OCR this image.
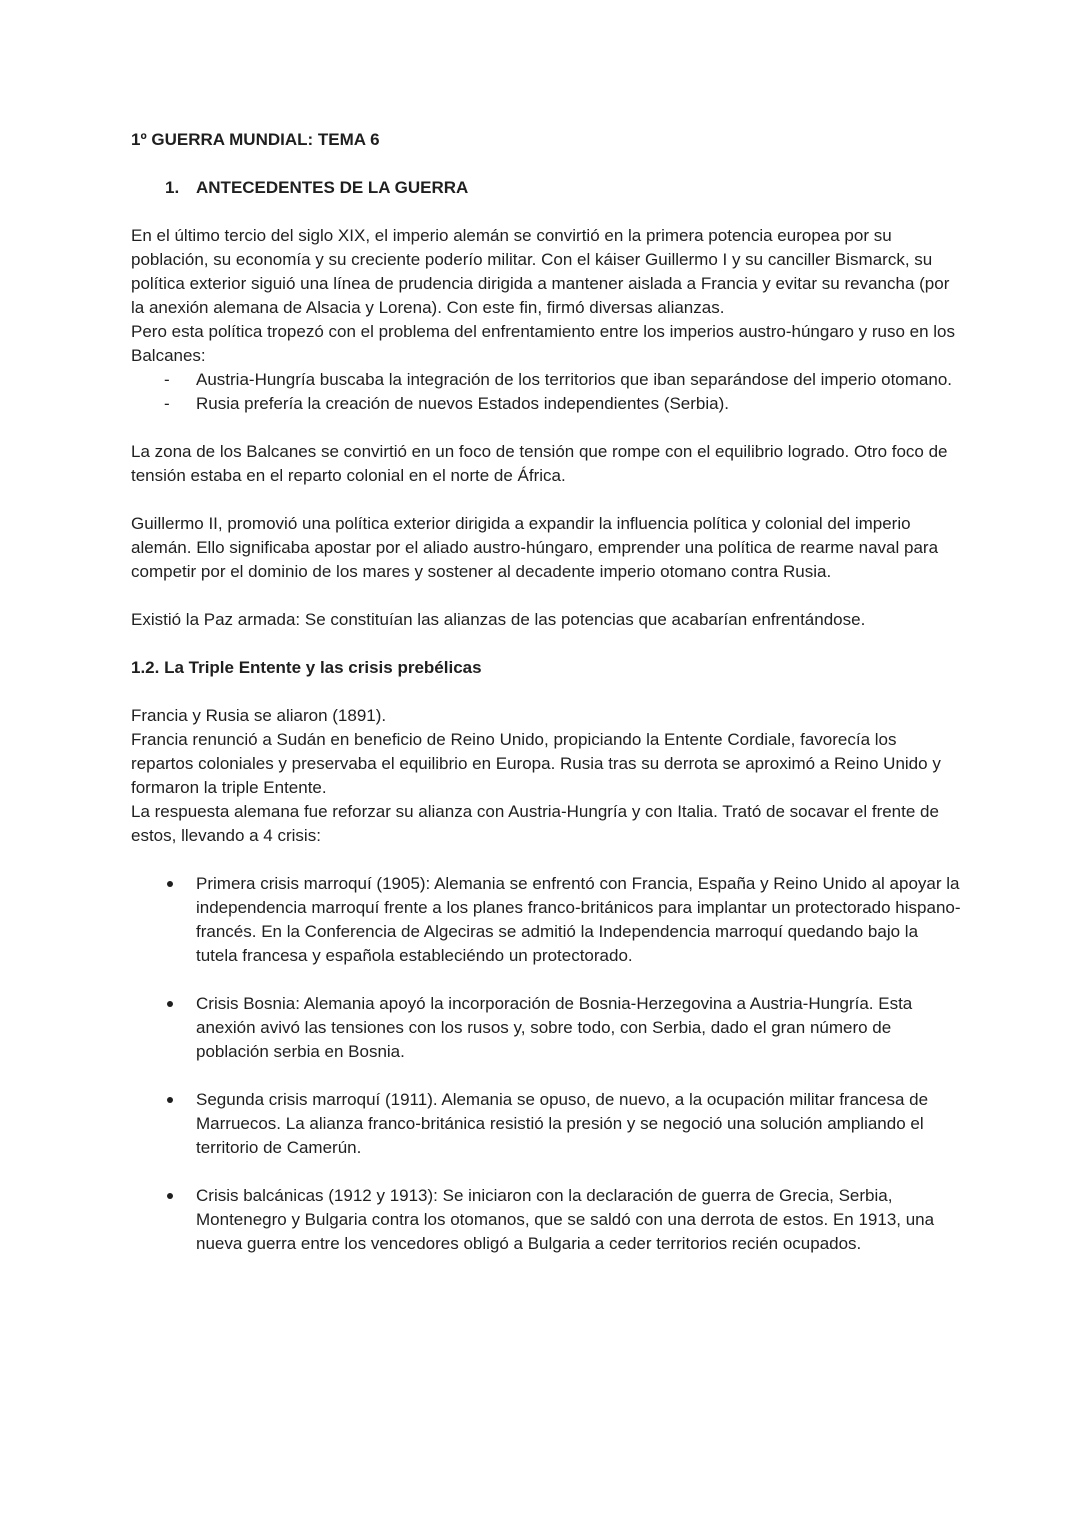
1º GUERRA MUNDIAL: TEMA 6

1. ANTECEDENTES DE LA GUERRA

En el último tercio del siglo XIX, el imperio alemán se convirtió en la primera potencia europea por su población, su economía y su creciente poderío militar. Con el káiser Guillermo I y su canciller Bismarck, su política exterior siguió una línea de prudencia dirigida a mantener aislada a Francia y evitar su revancha (por la anexión alemana de Alsacia y Lorena). Con este fin, firmó diversas alianzas.

Pero esta política tropezó con el problema del enfrentamiento entre los imperios austro-húngaro y ruso en los Balcanes:

- Austria-Hungría buscaba la integración de los territorios que iban separándose del imperio otomano.
- Rusia prefería la creación de nuevos Estados independientes (Serbia).

La zona de los Balcanes se convirtió en un foco de tensión que rompe con el equilibrio logrado. Otro foco de tensión estaba en el reparto colonial en el norte de África.

Guillermo II, promovió una política exterior dirigida a expandir la influencia política y colonial del imperio alemán. Ello significaba apostar por el aliado austro-húngaro, emprender una política de rearme naval para competir por el dominio de los mares y sostener al decadente imperio otomano contra Rusia.

Existió la Paz armada: Se constituían las alianzas de las potencias que acabarían enfrentándose.

1.2. La Triple Entente y las crisis prebélicas

Francia y Rusia se aliaron (1891).

Francia renunció a Sudán en beneficio de Reino Unido, propiciando la Entente Cordiale, favorecía los repartos coloniales y preservaba el equilibrio en Europa. Rusia tras su derrota se aproximó a Reino Unido y formaron la triple Entente.

La respuesta alemana fue reforzar su alianza con Austria-Hungría y con Italia. Trató de socavar el frente de estos, llevando a 4 crisis:

Primera crisis marroquí (1905): Alemania se enfrentó con Francia, España y Reino Unido al apoyar la independencia marroquí frente a los planes franco-británicos para implantar un protectorado hispano-francés. En la Conferencia de Algeciras se admitió la Independencia marroquí quedando bajo la tutela francesa y española estableciéndo un protectorado.
Crisis Bosnia: Alemania apoyó la incorporación de Bosnia-Herzegovina a Austria-Hungría. Esta anexión avivó las tensiones con los rusos y, sobre todo, con Serbia, dado el gran número de población serbia en Bosnia.
Segunda crisis marroquí (1911). Alemania se opuso, de nuevo, a la ocupación militar francesa de Marruecos. La alianza franco-británica resistió la presión y se negoció una solución ampliando el territorio de Camerún.
Crisis balcánicas (1912 y 1913): Se iniciaron con la declaración de guerra de Grecia, Serbia, Montenegro y Bulgaria contra los otomanos, que se saldó con una derrota de estos. En 1913, una nueva guerra entre los vencedores obligó a Bulgaria a ceder territorios recién ocupados.
